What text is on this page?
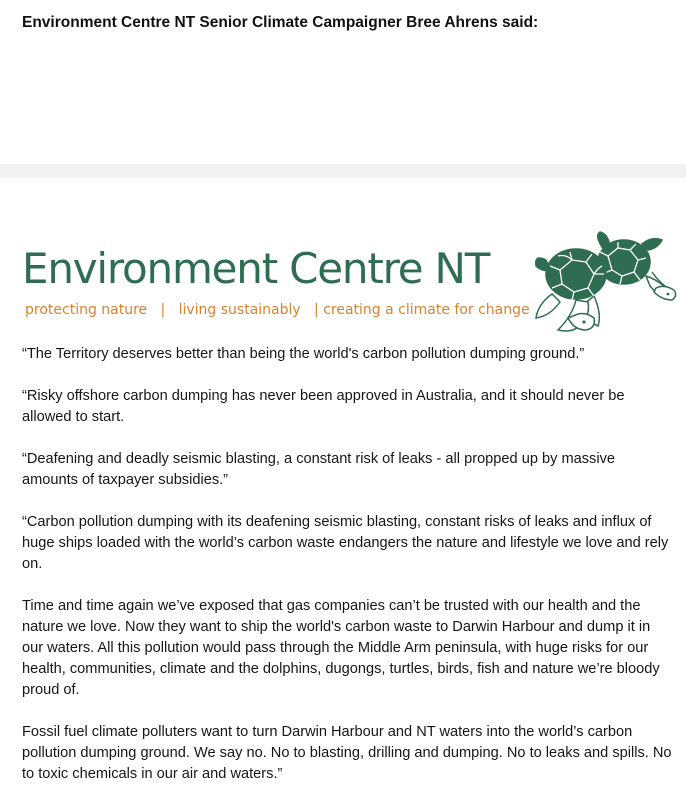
Environment Centre NT Senior Climate Campaigner Bree Ahrens said:
Environment Centre NT
protecting nature   |   living sustainably   | creating a climate for change

“The Territory deserves better than being the world's carbon pollution dumping ground.”

“Risky offshore carbon dumping has never been approved in Australia, and it should never be allowed to start.

“Deafening and deadly seismic blasting, a constant risk of leaks - all propped up by massive amounts of taxpayer subsidies.”

“Carbon pollution dumping with its deafening seismic blasting, constant risks of leaks and influx of huge ships loaded with the world’s carbon waste endangers the nature and lifestyle we love and rely on.

Time and time again we’ve exposed that gas companies can’t be trusted with our health and the nature we love. Now they want to ship the world's carbon waste to Darwin Harbour and dump it in our waters. All this pollution would pass through the Middle Arm peninsula, with huge risks for our health, communities, climate and the dolphins, dugongs, turtles, birds, fish and nature we’re bloody proud of.

Fossil fuel climate polluters want to turn Darwin Harbour and NT waters into the world’s carbon pollution dumping ground. We say no. No to blasting, drilling and dumping. No to leaks and spills. No to toxic chemicals in our air and waters.”
